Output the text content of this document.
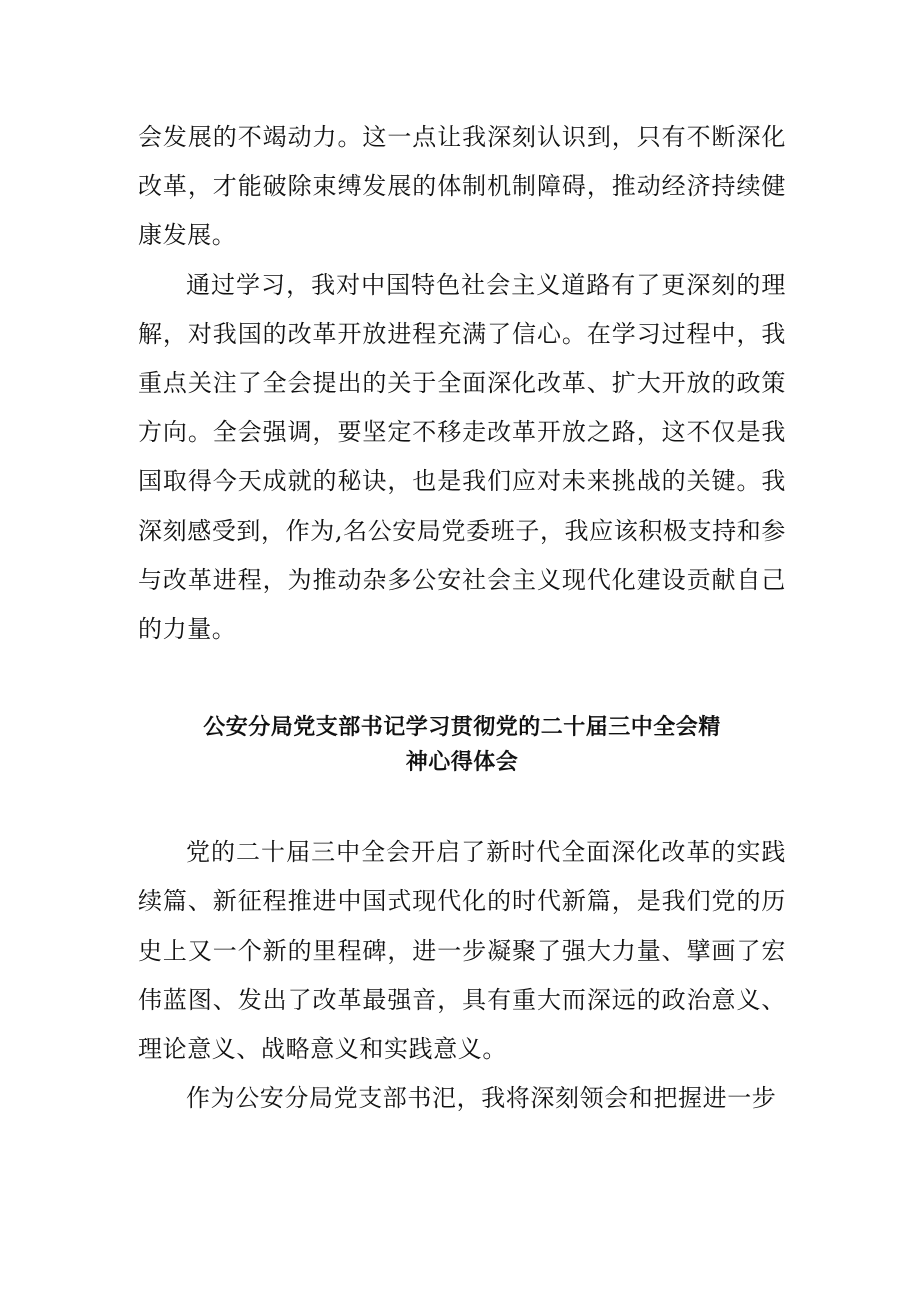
会发展的不竭动力。这一点让我深刻认识到，只有不断深化改革，才能破除束缚发展的体制机制障碍，推动经济持续健康发展。

通过学习，我对中国特色社会主义道路有了更深刻的理解，对我国的改革开放进程充满了信心。在学习过程中，我重点关注了全会提出的关于全面深化改革、扩大开放的政策方向。全会强调，要坚定不移走改革开放之路，这不仅是我国取得今天成就的秘诀，也是我们应对未来挑战的关键。我深刻感受到，作为,名公安局党委班子，我应该积极支持和参与改革进程，为推动杂多公安社会主义现代化建设贡献自己的力量。

公安分局党支部书记学习贯彻党的二十届三中全会精

神心得体会

党的二十届三中全会开启了新时代全面深化改革的实践续篇、新征程推进中国式现代化的时代新篇，是我们党的历史上又一个新的里程碑，进一步凝聚了强大力量、擘画了宏伟蓝图、发出了改革最强音，具有重大而深远的政治意义、理论意义、战略意义和实践意义。

作为公安分局党支部书汜，我将深刻领会和把握进一步
